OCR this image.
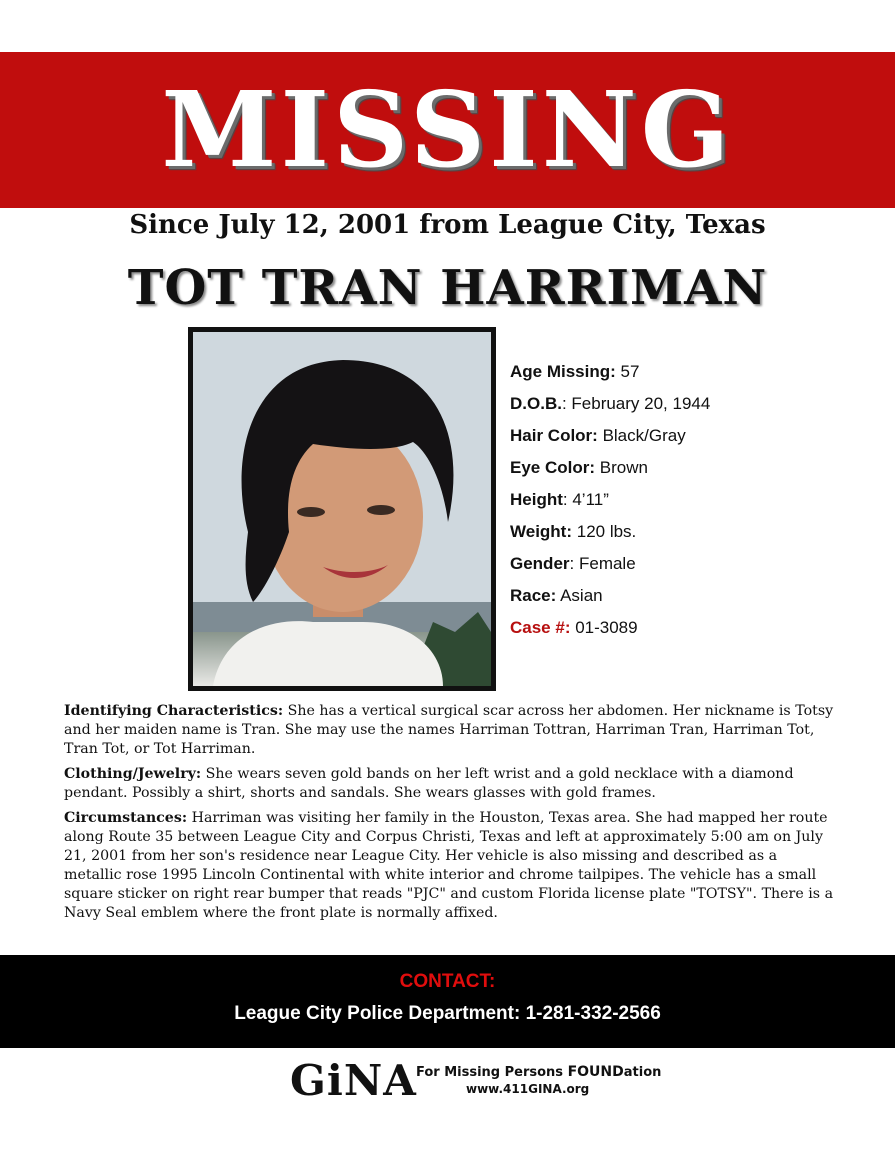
MISSING
Since July 12, 2001 from League City, Texas
TOT TRAN HARRIMAN
Age Missing: 57
D.O.B.: February 20, 1944
Hair Color: Black/Gray
Eye Color: Brown
Height: 4’11”
Weight: 120 lbs.
Gender: Female
Race: Asian
Case #: 01-3089
Identifying Characteristics: She has a vertical surgical scar across her abdomen. Her nickname is Totsy and her maiden name is Tran. She may use the names Harriman Tottran, Harriman Tran, Harriman Tot, Tran Tot, or Tot Harriman.
Clothing/Jewelry: She wears seven gold bands on her left wrist and a gold necklace with a diamond pendant. Possibly a shirt, shorts and sandals. She wears glasses with gold frames.
Circumstances: Harriman was visiting her family in the Houston, Texas area. She had mapped her route along Route 35 between League City and Corpus Christi, Texas and left at approximately 5:00 am on July 21, 2001 from her son's residence near League City. Her vehicle is also missing and described as a metallic rose 1995 Lincoln Continental with white interior and chrome tailpipes. The vehicle has a small square sticker on right rear bumper that reads "PJC" and custom Florida license plate "TOTSY". There is a Navy Seal emblem where the front plate is normally affixed.
CONTACT:
League City Police Department: 1-281-332-2566
GiNA For Missing Persons FOUNDation
www.411GINA.org
